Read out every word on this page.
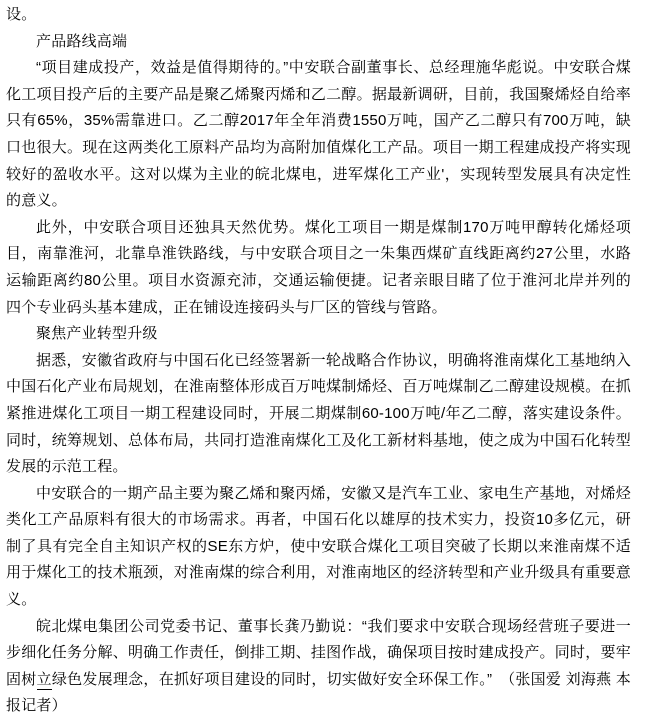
设。

产品路线高端

“项目建成投产，效益是值得期待的。”中安联合副董事长、总经理施华彪说。中安联合煤化工项目投产后的主要产品是聚乙烯聚丙烯和乙二醇。据最新调研，目前，我国聚烯烃自给率只有65%，35%需靠进口。乙二醇2017年全年消费1550万吨，国产乙二醇只有700万吨，缺口也很大。现在这两类化工原料产品均为高附加值煤化工产品。项目一期工程建成投产将实现较好的盈收水平。这对以煤为主业的皖北煤电，进军煤化工产业'，实现转型发展具有决定性的意义。

此外，中安联合项目还独具天然优势。煤化工项目一期是煤制170万吨甲醇转化烯烃项目，南靠淮河，北靠阜淮铁路线，与中安联合项目之一朱集西煤矿直线距离约27公里，水路运输距离约80公里。项目水资源充沛，交通运输便捷。记者亲眼目睹了位于淮河北岸并列的四个专业码头基本建成，正在铺设连接码头与厂区的管线与管路。

聚焦产业转型升级

据悉，安徽省政府与中国石化已经签署新一轮战略合作协议，明确将淮南煤化工基地纳入中国石化产业布局规划，在淮南整体形成百万吨煤制烯烃、百万吨煤制乙二醇建设规模。在抓紧推进煤化工项目一期工程建设同时，开展二期煤制60-100万吨/年乙二醇，落实建设条件。同时，统筹规划、总体布局，共同打造淮南煤化工及化工新材料基地，使之成为中国石化转型发展的示范工程。

中安联合的一期产品主要为聚乙烯和聚丙烯，安徽又是汽车工业、家电生产基地，对烯烃类化工产品原料有很大的市场需求。再者，中国石化以雄厚的技术实力，投资10多亿元，研制了具有完全自主知识产权的SE东方炉，使中安联合煤化工项目突破了长期以来淮南煤不适用于煤化工的技术瓶颈，对淮南煤的综合利用，对淮南地区的经济转型和产业升级具有重要意义。

皖北煤电集团公司党委书记、董事长龚乃勤说：“我们要求中安联合现场经营班子要进一步细化任务分解、明确工作责任，倒排工期、挂图作战，确保项目按时建成投产。同时，要牢固树立绿色发展理念，在抓好项目建设的同时，切实做好安全环保工作。”　（张国爱 刘海燕 本报记者）
